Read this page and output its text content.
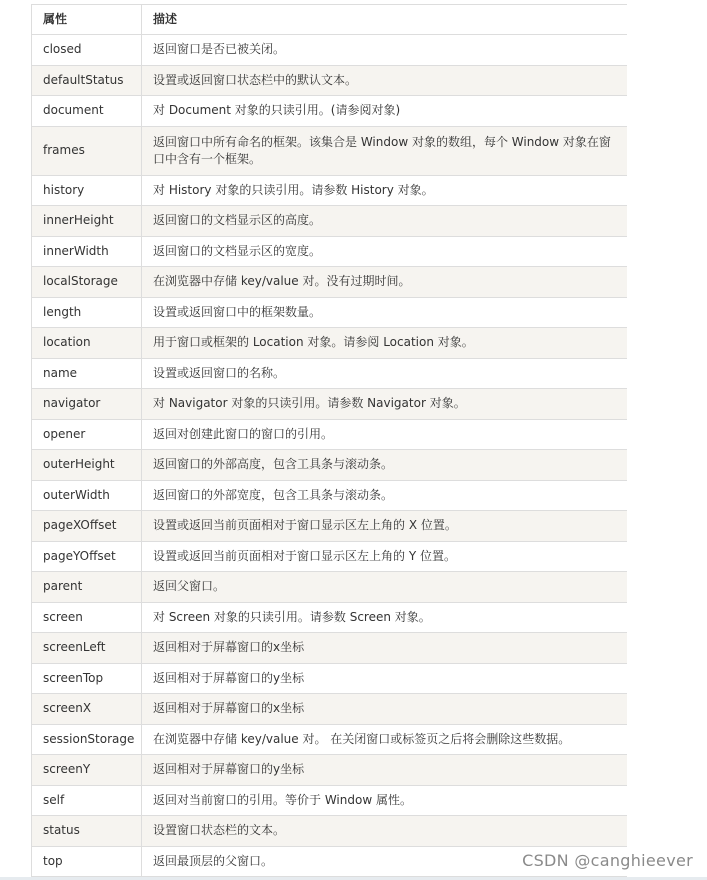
属性	描述
closed	返回窗口是否已被关闭。
defaultStatus	设置或返回窗口状态栏中的默认文本。
document	对 Document 对象的只读引用。(请参阅对象)
frames	返回窗口中所有命名的框架。该集合是 Window 对象的数组，每个 Window 对象在窗口中含有一个框架。
history	对 History 对象的只读引用。请参数 History 对象。
innerHeight	返回窗口的文档显示区的高度。
innerWidth	返回窗口的文档显示区的宽度。
localStorage	在浏览器中存储 key/value 对。没有过期时间。
length	设置或返回窗口中的框架数量。
location	用于窗口或框架的 Location 对象。请参阅 Location 对象。
name	设置或返回窗口的名称。
navigator	对 Navigator 对象的只读引用。请参数 Navigator 对象。
opener	返回对创建此窗口的窗口的引用。
outerHeight	返回窗口的外部高度，包含工具条与滚动条。
outerWidth	返回窗口的外部宽度，包含工具条与滚动条。
pageXOffset	设置或返回当前页面相对于窗口显示区左上角的 X 位置。
pageYOffset	设置或返回当前页面相对于窗口显示区左上角的 Y 位置。
parent	返回父窗口。
screen	对 Screen 对象的只读引用。请参数 Screen 对象。
screenLeft	返回相对于屏幕窗口的x坐标
screenTop	返回相对于屏幕窗口的y坐标
screenX	返回相对于屏幕窗口的x坐标
sessionStorage	在浏览器中存储 key/value 对。 在关闭窗口或标签页之后将会删除这些数据。
screenY	返回相对于屏幕窗口的y坐标
self	返回对当前窗口的引用。等价于 Window 属性。
status	设置窗口状态栏的文本。
top	返回最顶层的父窗口。	CSDN @canghieever
